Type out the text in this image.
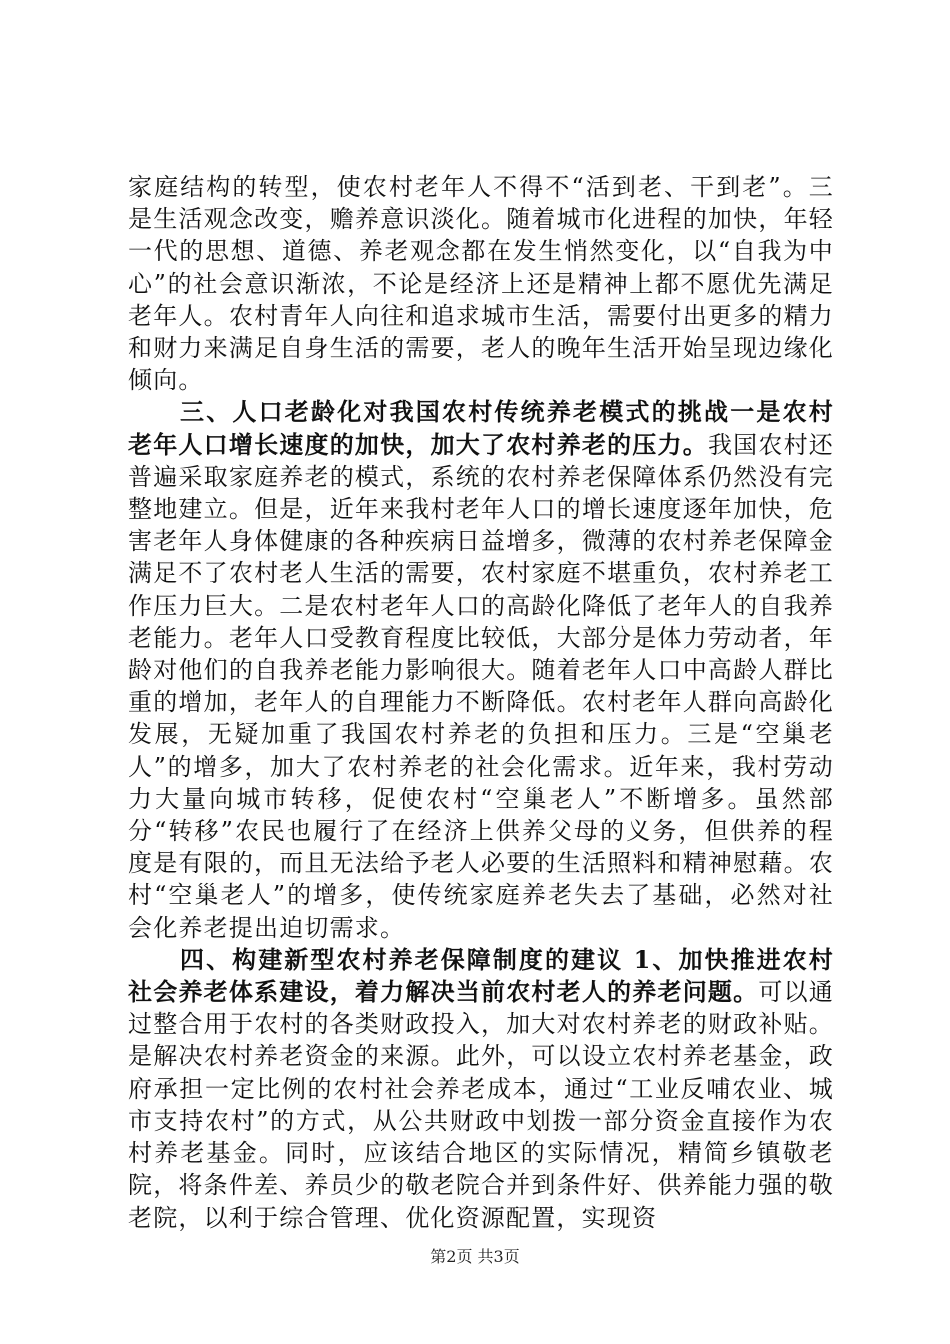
家庭结构的转型，使农村老年人不得不“活到老、干到老”。三是生活观念改变，赡养意识淡化。随着城市化进程的加快，年轻一代的思想、道德、养老观念都在发生悄然变化，以“自我为中心”的社会意识渐浓，不论是经济上还是精神上都不愿优先满足老年人。农村青年人向往和追求城市生活，需要付出更多的精力和财力来满足自身生活的需要，老人的晚年生活开始呈现边缘化倾向。

三、人口老龄化对我国农村传统养老模式的挑战一是农村老年人口增长速度的加快，加大了农村养老的压力。我国农村还普遍采取家庭养老的模式，系统的农村养老保障体系仍然没有完整地建立。但是，近年来我村老年人口的增长速度逐年加快，危害老年人身体健康的各种疾病日益增多，微薄的农村养老保障金满足不了农村老人生活的需要，农村家庭不堪重负，农村养老工作压力巨大。二是农村老年人口的高龄化降低了老年人的自我养老能力。老年人口受教育程度比较低，大部分是体力劳动者，年龄对他们的自我养老能力影响很大。随着老年人口中高龄人群比重的增加，老年人的自理能力不断降低。农村老年人群向高龄化发展，无疑加重了我国农村养老的负担和压力。三是“空巢老人”的增多，加大了农村养老的社会化需求。近年来，我村劳动力大量向城市转移，促使农村“空巢老人”不断增多。虽然部分“转移”农民也履行了在经济上供养父母的义务，但供养的程度是有限的，而且无法给予老人必要的生活照料和精神慰藉。农村“空巢老人”的增多，使传统家庭养老失去了基础，必然对社会化养老提出迫切需求。

四、构建新型农村养老保障制度的建议 1、加快推进农村社会养老体系建设，着力解决当前农村老人的养老问题。可以通过整合用于农村的各类财政投入，加大对农村养老的财政补贴。是解决农村养老资金的来源。此外，可以设立农村养老基金，政府承担一定比例的农村社会养老成本，通过“工业反哺农业、城市支持农村”的方式，从公共财政中划拨一部分资金直接作为农村养老基金。同时，应该结合地区的实际情况，精简乡镇敬老院，将条件差、养员少的敬老院合并到条件好、供养能力强的敬老院，以利于综合管理、优化资源配置，实现资

第2页 共3页
